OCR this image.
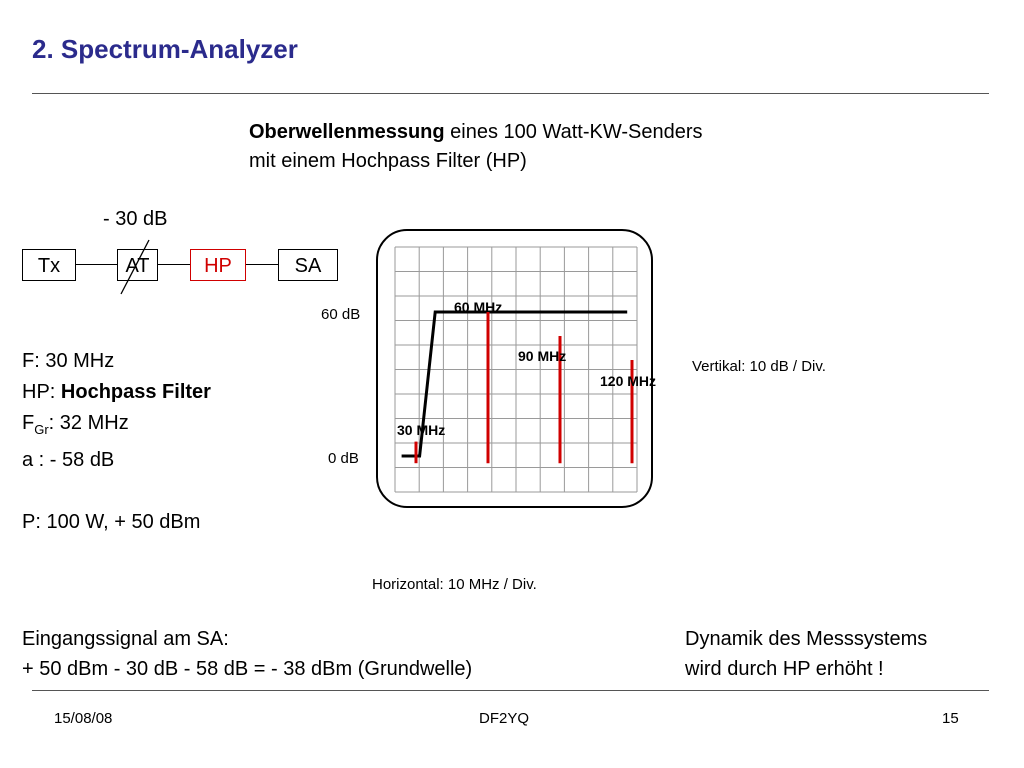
2. Spectrum-Analyzer
Oberwellenmessung eines 100 Watt-KW-Senders
mit einem Hochpass Filter (HP)
- 30 dB
Tx	AT	HP	SA
F: 30 MHz
HP: Hochpass Filter
$F_{Gr}$: 32 MHz
a : - 58 dB
P: 100 W, + 50 dBm
60 dB
0 dB
Vertikal: 10 dB / Div.
Horizontal: 10 MHz / Div.
30 MHz
60 MHz
90 MHz
120 MHz
Eingangssignal am SA:
+ 50 dBm - 30 dB - 58 dB = - 38 dBm (Grundwelle)
Dynamik des Messsystems
wird durch HP erhöht !
15/08/08	DF2YQ	15
